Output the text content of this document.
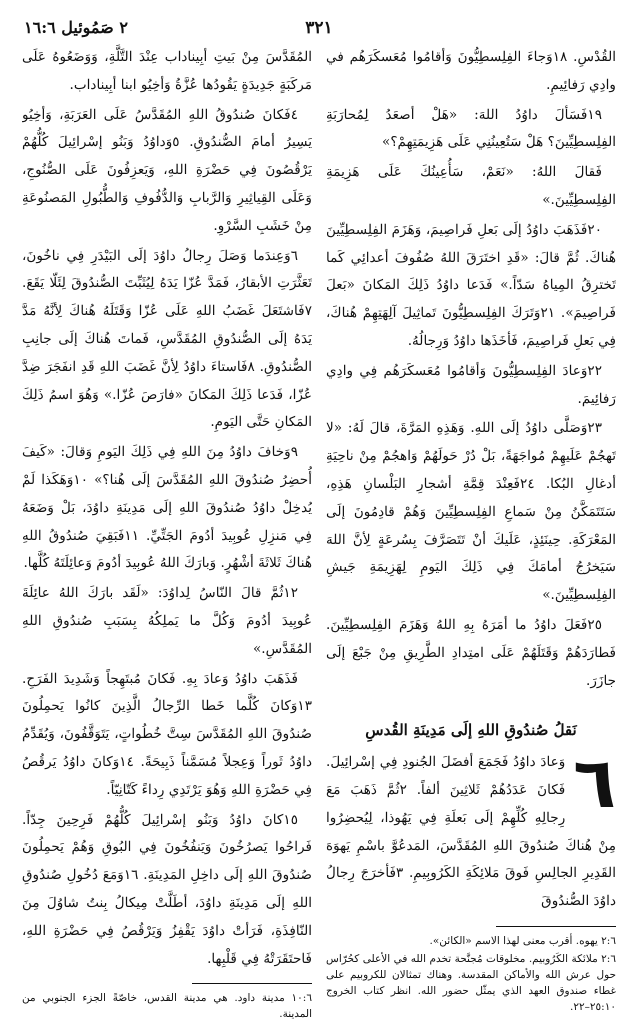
٢ صَمُوئيل ١٦:٦	٣٢١

القُدْسِ. ١٨وَجاءَ الفِلِسطِيُّونَ وَأقامُوا مُعَسكَرَهُم في وادِي رَفائِيمِ.

١٩فَسَألَ داوُدُ اللهَ: «هَلْ أصعَدُ لِمُحارَبَةِ الفِلِسطِيِّينَ؟ هَلْ سَتُعِينُنِي عَلَى هَزِيمَتِهِمْ؟»

فَقالَ اللهُ: «نَعَمْ، سَأُعِينُكَ عَلَى هَزِيمَةِ الفِلِسطِيِّينَ.»

٢٠فَذَهَبَ داوُدُ إلَى بَعلِ فَراصِيمَ، وَهَزَمَ الفِلِسطِيِّينَ هُناكَ. ثُمَّ قالَ: «قَدِ اختَرَقَ اللهُ صُفُوفَ أعدائِي كَما تَخترِقُ المِياهُ سَدّاً.» فَدَعا داوُدُ ذَلِكَ المَكانَ «بَعلَ فَراصِيمَ». ٢١وَتَرَكَ الفِلِسطِيُّونَ تَماثِيلَ آلِهَتِهِمْ هُناكَ، فِي بَعلِ فَراصِيمَ، فَأخَذَها داوُدُ وَرِجالُهُ.

٢٢وَعادَ الفِلِسطِيُّونَ وَأقامُوا مُعَسكَرَهُم فِي وادِي رَفائِيمَ.

٢٣وَصَلَّى داوُدُ إلَى اللهِ. وَهَذِهِ المَرَّةَ، قالَ لَهُ: «لا تَهجُمْ عَلَيهِمْ مُواجَهَةً، بَلْ دُرْ حَولَهُمْ وَاهجُمْ مِنْ ناحِيَةِ أدغالِ البُكا. ٢٤فَعِنْدَ قِمَّةِ أشجارِ البَلْسانِ هَذِهِ، سَتَتَمَكَّنُ مِنْ سَماعِ الفِلِسطِيِّينَ وَهُمْ قادِمُونَ إلَى المَعْرَكَةِ. حِينَئِذٍ، عَلَيكَ أنْ تَتَصَرَّفَ بِسُرعَةٍ لِأنَّ اللهَ سَيَخرُجُ أمامَكَ فِي ذَلِكَ اليَومِ لِهَزِيمَةِ جَيشِ الفِلِسطِيِّينَ.»

٢٥فَعَلَ داوُدُ ما أمَرَهُ بِهِ اللهُ وَهَزَمَ الفِلِسطِيِّينَ. فَطارَدَهُمْ وَقَتَلَهُمْ عَلَى امتِدادِ الطَّرِيقِ مِنْ جَبْعَ إلَى جازَرَ.

نَقلُ صُندُوقِ اللهِ إلَى مَدِينَةِ القُدسِ
٦

وَعادَ داوُدُ فَجَمَعَ أفضَلَ الجُنودِ فِي إسْرائِيلَ. فَكانَ عَدَدُهُمْ ثَلاثِينَ ألفاً. ٢ثُمَّ ذَهَبَ مَعَ رِجالِهِ كُلِّهِمْ إلَى بَعلَةِ فِي يَهُوذا، لِيُحضِرُوا مِنْ هُناكَ صُندُوقَ اللهِ المُقَدَّسَ، المَدعُوَّ باسْمِ يَهوَهَ القَدِيرِ الجالِسِ فَوقَ مَلائِكَةِ الكَرُوبِيمِ. ٣فَأخرَجَ رِجالُ داوُدَ الصُّندُوقَ

٢:٦ يهوه. أقرب معنى لهذا الاسم «الكائن».

٢:٦ ملائكة الكَرُوبيم. مخلوقات مُجنَّحة تخدم الله في الأعلى كحُرّاس حول عرش الله والأماكن المقدسة. وهناك تمثالان للكروبيم على غطاء صندوق العهد الذي يمثّل حضور الله. انظر كتاب الخروج ٢٥:١٠–٢٢.

المُقَدَّسَ مِنْ بَيتِ أبِيناداب عِنْدَ التَّلَّةِ، وَوَضَعُوهُ عَلَى مَركَبَةٍ جَدِيدَةٍ يَقُودُها عُزَّةُ وَأخِيُو ابنا أبِيناداب.

٤فَكانَ صُندُوقُ اللهِ المُقَدَّسُ عَلَى العَرَبَةِ، وَأخِيُو يَسِيرُ أمامَ الصُّندُوقِ. ٥وَداوُدُ وَبَنُو إسْرائِيلَ كُلُّهُمْ يَرْقُصُونَ فِي حَضْرَةِ اللهِ، وَيَعزِفُونَ عَلَى الصُّنُوجِ، وَعَلَى القِياثِيرِ وَالرَّبابِ وَالدُّفُوفِ وَالطُّبُولِ المَصنُوعَةِ مِنْ خَشَبِ السَّرْوِ.

٦وَعِندَما وَصَلَ رِجالُ داوُدَ إلَى البَيْدَرِ فِي ناخُونَ، تَعَثَّرَتِ الأبقارُ، فَمَدَّ عُزّا يَدَهُ لِيُثَبِّتَ الصُّندُوقَ لِئَلّا يَقَعَ. ٧فَاشتَعَلَ غَضَبُ اللهِ عَلَى عُزّا وَقَتَلَهُ هُناكَ لِأنَّهُ مَدَّ يَدَهُ إلَى الصُّندُوقِ المُقَدَّسِ، فَماتَ هُناكَ إلَى جانِبِ الصُّندُوقِ. ٨فَاستاءَ داوُدُ لِأنَّ غَضَبَ اللهِ قَدِ انفَجَرَ ضِدَّ عُزّا، فَدَعا ذَلِكَ المَكانَ «فارَصَ عُزّا.» وَهُوَ اسمُ ذَلِكَ المَكانِ حَتَّى اليَومِ.

٩وَخافَ داوُدُ مِنَ اللهِ فِي ذَلِكَ اليَومِ وَقالَ: «كَيفَ أُحضِرُ صُندُوقَ اللهِ المُقَدَّسَ إلَى هُنا؟» ١٠وَهَكَذا لَمْ يُدخِلْ داوُدُ صُندُوقَ اللهِ إلَى مَدِينَةِ داوُدَ، بَلْ وَضَعَهُ فِي مَنزِلِ عُوبِيدَ أدُومَ الجَتِّيِّ. ١١فَبَقِيَ صُندُوقُ اللهِ هُناكَ ثَلاثَةَ أشْهُرٍ. وَبارَكَ اللهُ عُوبِيدَ أدُومَ وَعائِلَتَهُ كُلَّها.

١٢ثُمَّ قالَ النّاسُ لِداوُدَ: «لَقَد بارَكَ اللهُ عائِلَةَ عُوبِيدَ أدُومَ وَكُلَّ ما يَملِكُهُ بِسَبَبِ صُندُوقِ اللهِ المُقَدَّسِ.»

فَذَهَبَ داوُدُ وَعادَ بِهِ. فَكانَ مُبتَهِجاً وَشَدِيدَ الفَرَحِ. ١٣وَكانَ كُلَّما خَطا الرِّجالُ الَّذِينَ كانُوا يَحمِلُونَ صُندُوقَ اللهِ المُقَدَّسَ سِتَّ خُطُواتٍ، يَتَوَقَّفُونَ، وَيُقَدِّمُ داوُدُ ثَوراً وَعِجلاً مُسَمَّناً ذَبِيحَةً. ١٤وَكانَ داوُدُ يَرقُصُ فِي حَضْرَةِ اللهِ وَهُوَ يَرْتَدِي رِداءً كَتّانِيّاً.

١٥كانَ داوُدُ وَبَنُو إسْرائِيلَ كُلُّهُمْ فَرِحِينَ جِدّاً. فَراحُوا يَصرُخُونَ وَيَنفُخُونَ فِي البُوقِ وَهُمْ يَحمِلُونَ صُندُوقَ اللهِ إلَى داخِلِ المَدِينَةِ. ١٦وَمَعَ دُخُولِ صُندُوقِ اللهِ إلَى مَدِينَةِ داوُدَ، أطَلَّتْ مِيكالُ بِنتُ شاوُلَ مِنَ النّافِذَةِ، فَرَأتْ داوُدَ يَقْفِزُ وَيَرْقُصُ فِي حَضْرَةِ اللهِ، فَاحتَقَرَتْهُ فِي قَلْبِها.

١٠:٦ مدينة داود. هي مدينة القدس، خاصّةً الجزء الجنوبي من المدينة.
